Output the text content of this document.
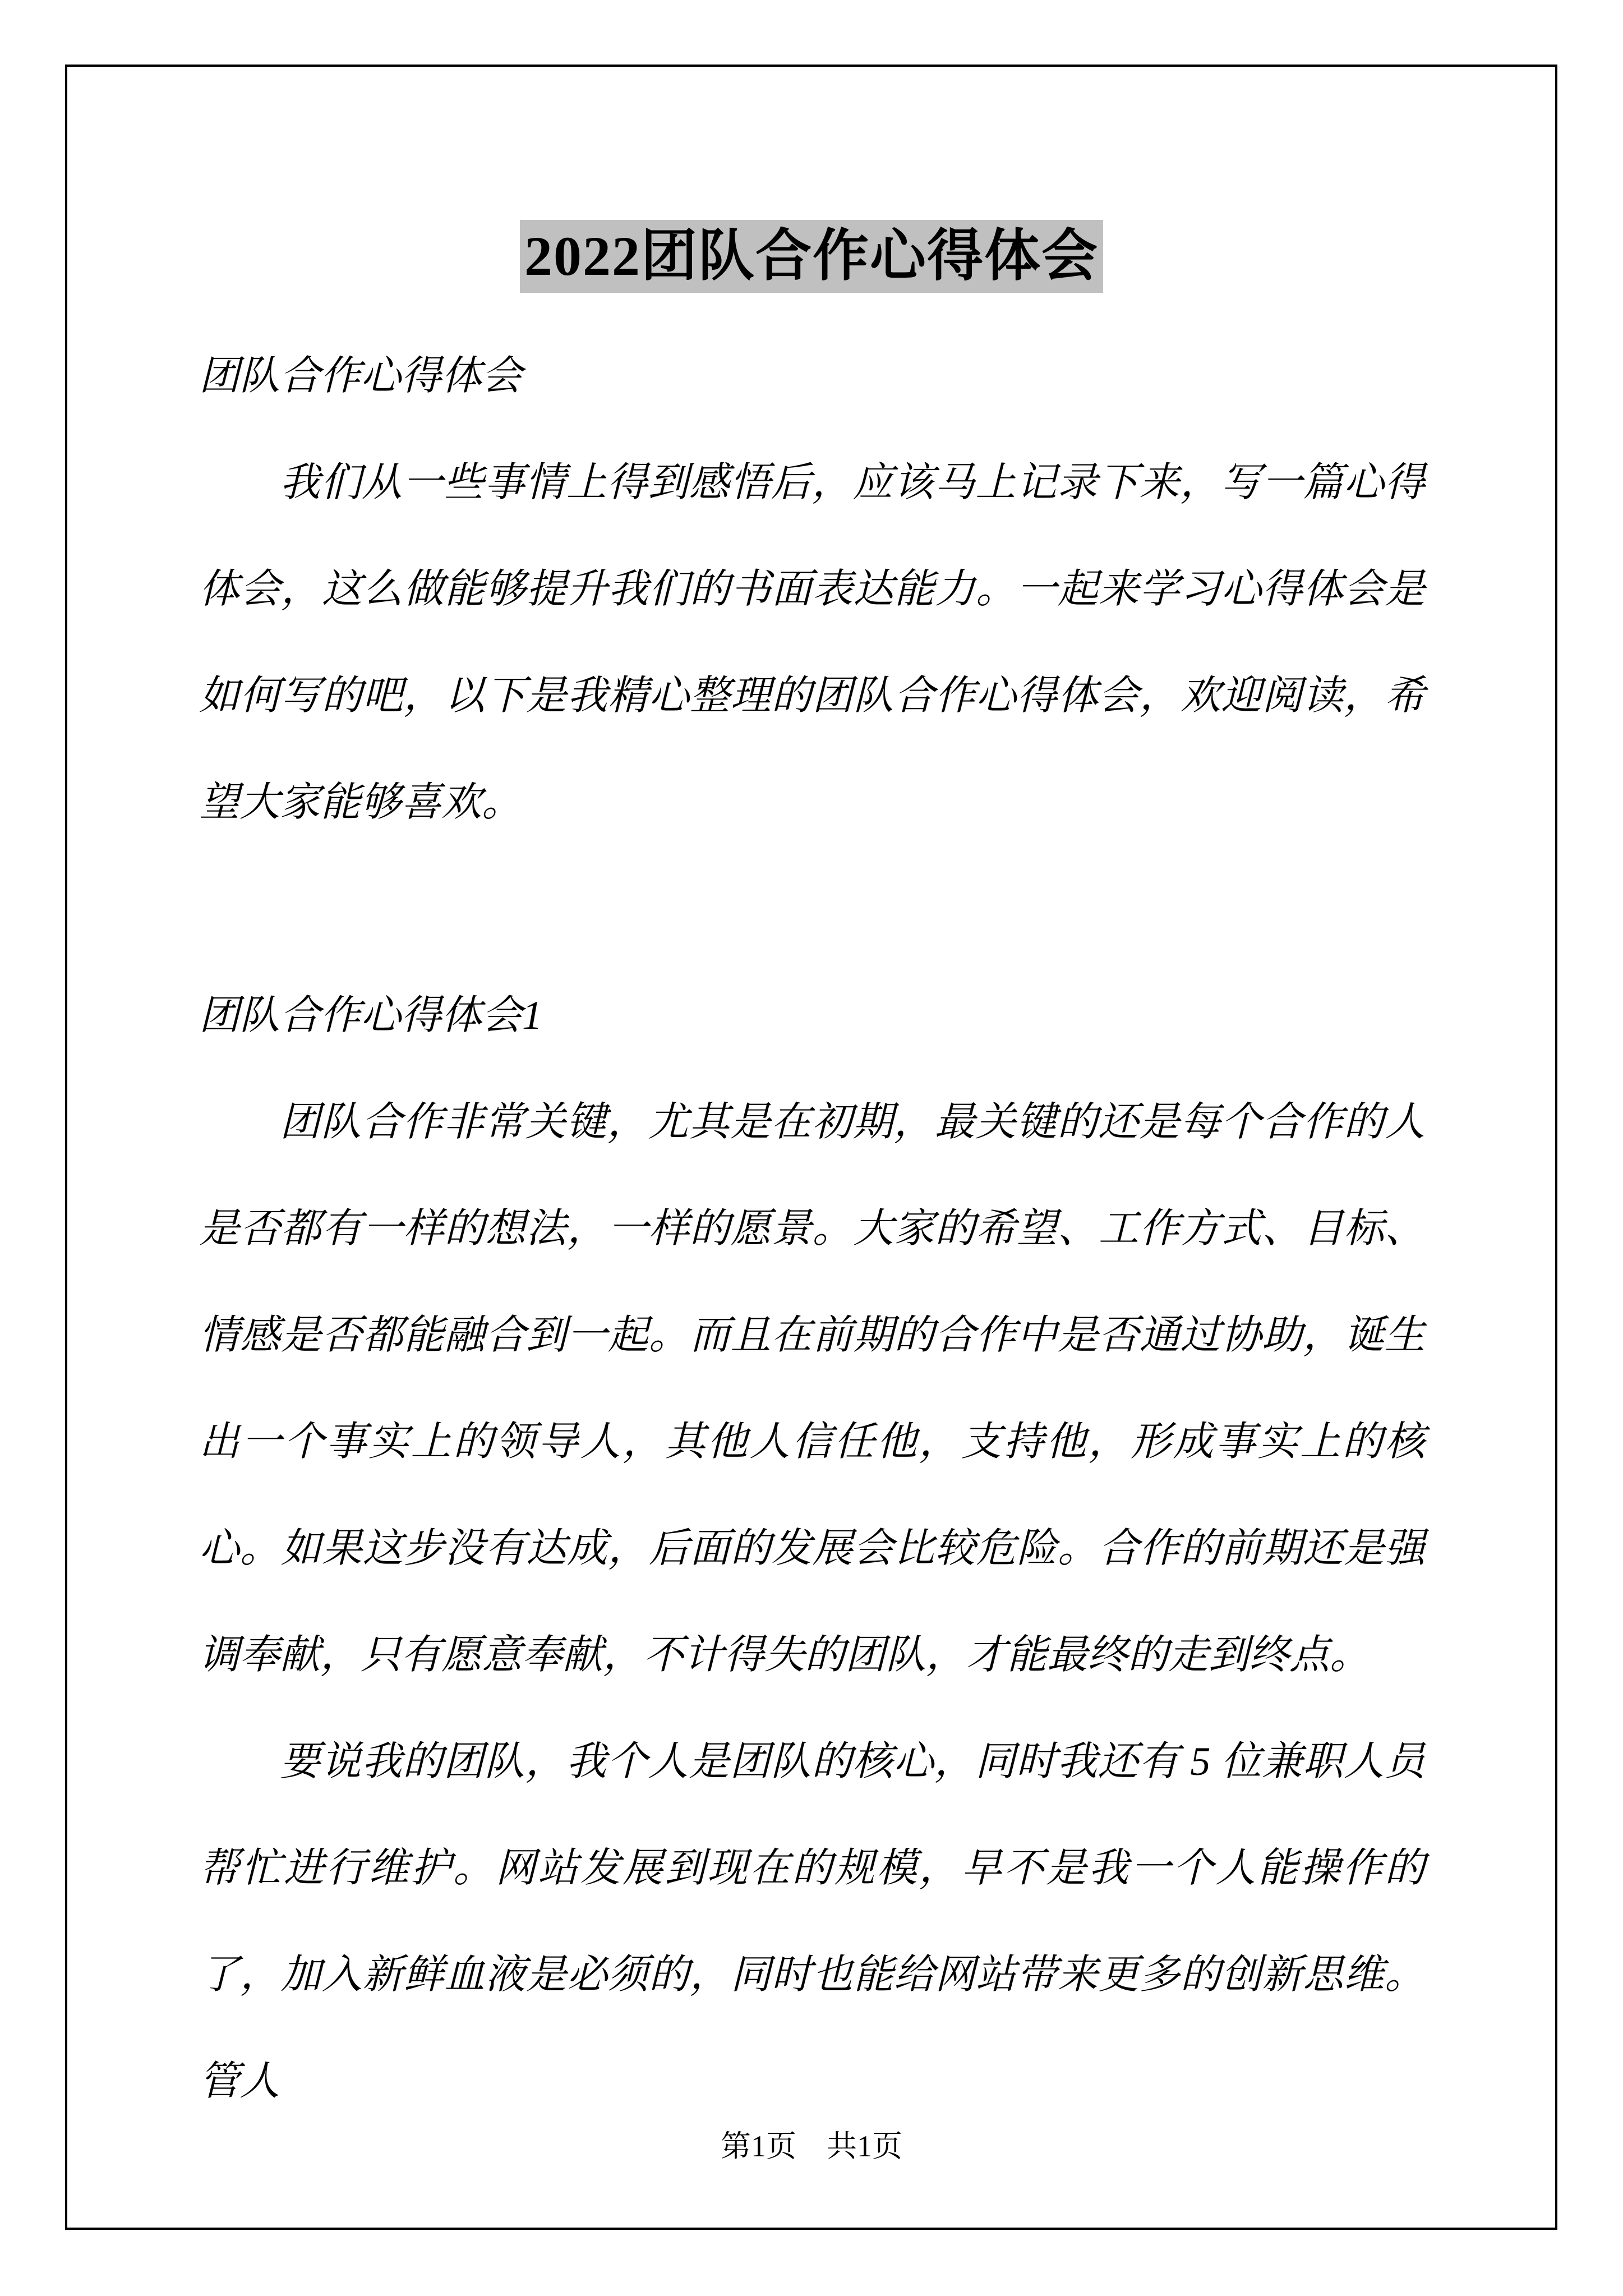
2022团队合作心得体会

团队合作心得体会

我们从一些事情上得到感悟后，应该马上记录下来，写一篇心得体会，这么做能够提升我们的书面表达能力。一起来学习心得体会是如何写的吧，以下是我精心整理的团队合作心得体会，欢迎阅读，希望大家能够喜欢。

团队合作心得体会1

团队合作非常关键，尤其是在初期，最关键的还是每个合作的人是否都有一样的想法，一样的愿景。大家的希望、工作方式、目标、情感是否都能融合到一起。而且在前期的合作中是否通过协助，诞生出一个事实上的领导人，其他人信任他，支持他，形成事实上的核心。如果这步没有达成，后面的发展会比较危险。合作的前期还是强调奉献，只有愿意奉献，不计得失的团队，才能最终的走到终点。

要说我的团队，我个人是团队的核心，同时我还有 5 位兼职人员帮忙进行维护。网站发展到现在的规模，早不是我一个人能操作的了，加入新鲜血液是必须的，同时也能给网站带来更多的创新思维。管人

第1页 共1页
